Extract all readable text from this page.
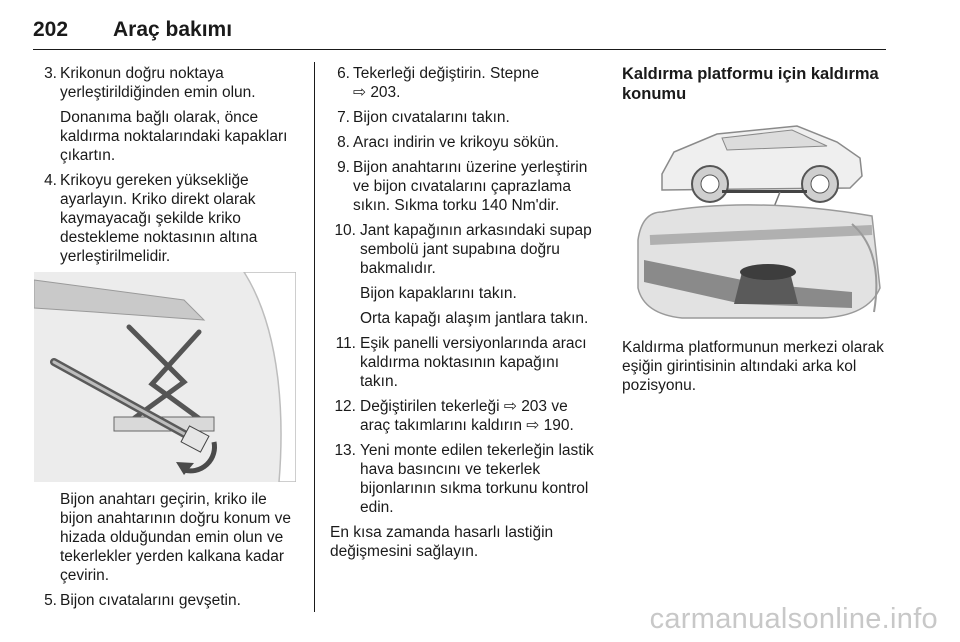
202 Araç bakımı
3. Krikonun doğru noktaya yerleştirildiğinden emin olun.
Donanıma bağlı olarak, önce kaldırma noktalarındaki kapakları çıkartın.
4. Krikoyu gereken yüksekliğe ayarlayın. Kriko direkt olarak kaymayacağı şekilde kriko destekleme noktasının altına yerleştirilmelidir.
Bijon anahtarı geçirin, kriko ile bijon anahtarının doğru konum ve hizada olduğundan emin olun ve tekerlekler yerden kalkana kadar çevirin.
5. Bijon cıvatalarını gevşetin.
6. Tekerleği değiştirin. Stepne
⇨ 203.
7. Bijon cıvatalarını takın.
8. Aracı indirin ve krikoyu sökün.
9. Bijon anahtarını üzerine yerleştirin ve bijon cıvatalarını çaprazlama sıkın. Sıkma torku 140 Nm'dir.
10. Jant kapağının arkasındaki supap sembolü jant supabına doğru bakmalıdır.
Bijon kapaklarını takın.
Orta kapağı alaşım jantlara takın.
11. Eşik panelli versiyonlarında aracı kaldırma noktasının kapağını takın.
12. Değiştirilen tekerleği ⇨ 203 ve araç takımlarını kaldırın ⇨ 190.
13. Yeni monte edilen tekerleğin lastik hava basıncını ve tekerlek bijonlarının sıkma torkunu kontrol edin.
En kısa zamanda hasarlı lastiğin değişmesini sağlayın.
Kaldırma platformu için kaldırma konumu
Kaldırma platformunun merkezi olarak eşiğin girintisinin altındaki arka kol pozisyonu.
carmanualsonline.info
